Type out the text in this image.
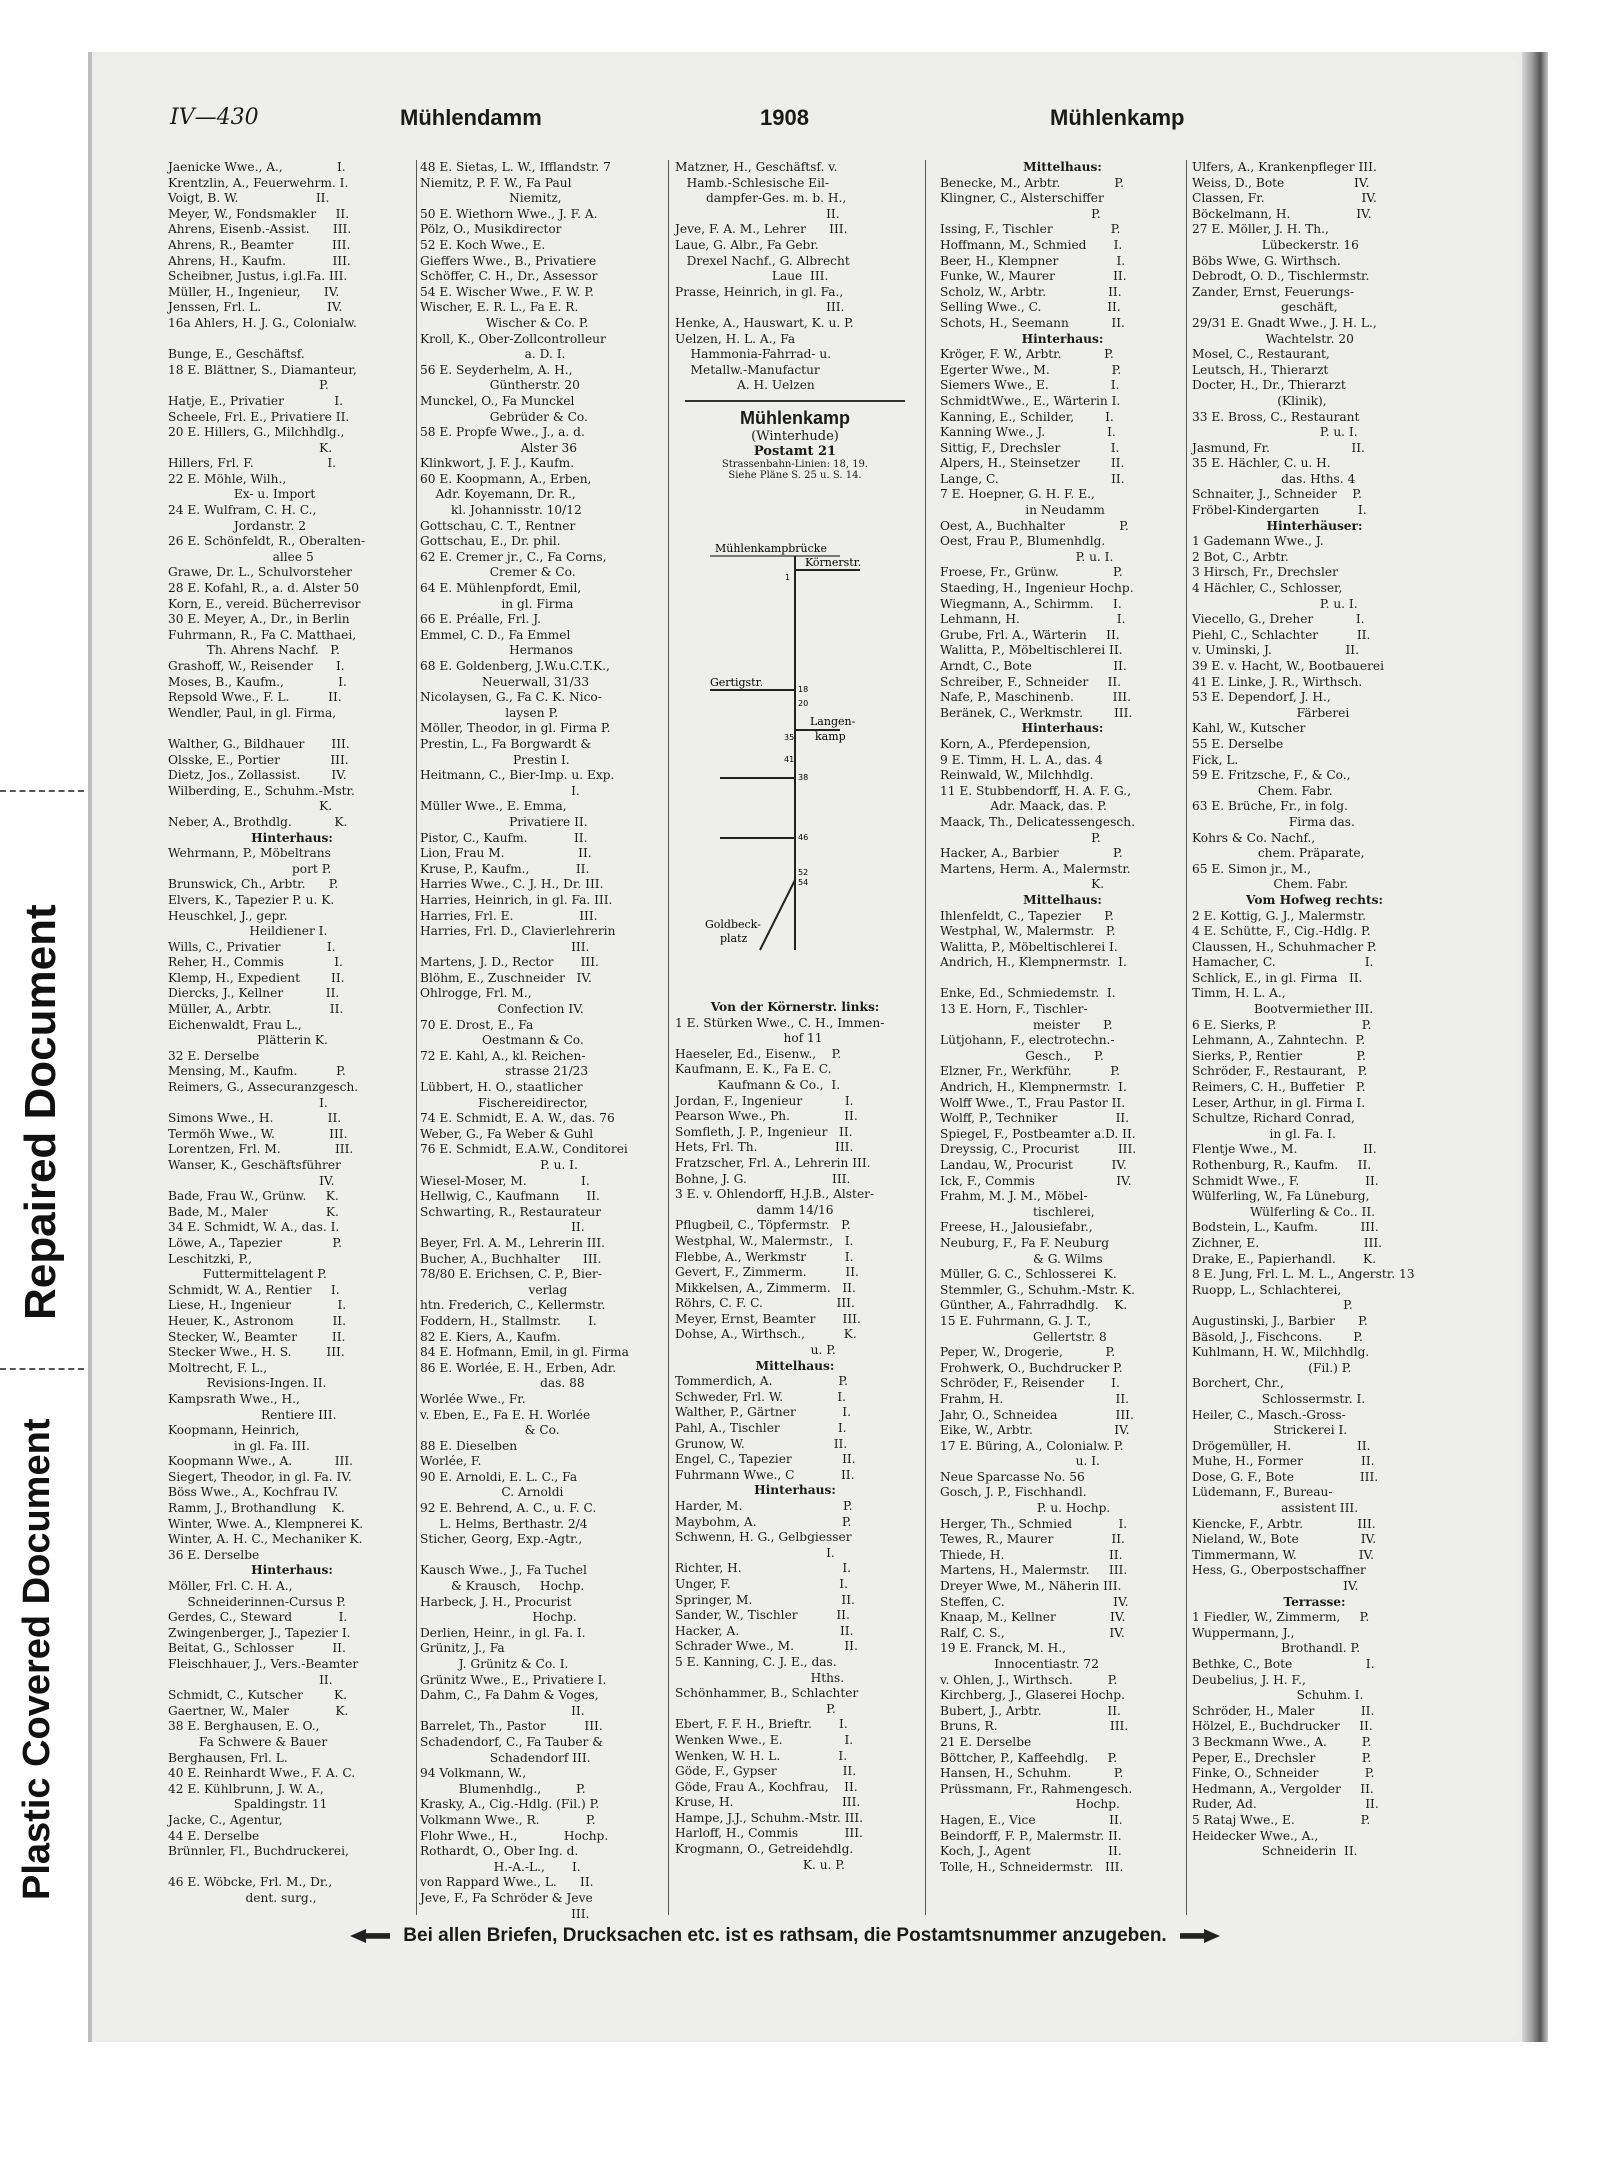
Repaired Document
Plastic Covered Document
IV—430	Mühlendamm	1908	Mühlenkamp
Jaenicke Wwe., A.,              I.
Krentzlin, A., Feuerwehrm. I.
Voigt, B. W.                    II.
Meyer, W., Fondsmakler     II.
Ahrens, Eisenb.-Assist.      III.
Ahrens, R., Beamter          III.
Ahrens, H., Kaufm.            III.
Scheibner, Justus, i.gl.Fa. III.
Müller, H., Ingenieur,      IV.
Jenssen, Frl. L.                 IV.
16a Ahlers, H. J. G., Colonialw.

Bunge, E., Geschäftsf.
18 E. Blättner, S., Diamanteur,
P.
Hatje, E., Privatier             I.
Scheele, Frl. E., Privatiere II.
20 E. Hillers, G., Milchhdlg.,
K.
Hillers, Frl. F.                   I.
22 E. Möhle, Wilh.,
Ex- u. Import
24 E. Wulfram, C. H. C.,
Jordanstr. 2
26 E. Schönfeldt, R., Oberalten-
allee 5
Grawe, Dr. L., Schulvorsteher
28 E. Kofahl, R., a. d. Alster 50
Korn, E., vereid. Bücherrevisor
30 E. Meyer, A., Dr., in Berlin
Fuhrmann, R., Fa C. Matthaei,
Th. Ahrens Nachf.   P.
Grashoff, W., Reisender      I.
Moses, B., Kaufm.,              I.
Repsold Wwe., F. L.          II.
Wendler, Paul, in gl. Firma,

Walther, G., Bildhauer       III.
Olsske, E., Portier             III.
Dietz, Jos., Zollassist.        IV.
Wilberding, E., Schuhm.-Mstr.
K.
Neber, A., Brothdlg.           K.
Hinterhaus:
Wehrmann, P., Möbeltrans
port P.
Brunswick, Ch., Arbtr.      P.
Elvers, K., Tapezier P. u. K.
Heuschkel, J., gepr.
Heildiener I.
Wills, C., Privatier            I.
Reher, H., Commis             I.
Klemp, H., Expedient        II.
Diercks, J., Kellner           II.
Müller, A., Arbtr.               II.
Eichenwaldt, Frau L.,
Plätterin K.
32 E. Derselbe
Mensing, M., Kaufm.          P.
Reimers, G., Assecuranzgesch.
I.
Simons Wwe., H.              II.
Termöh Wwe., W.              III.
Lorentzen, Frl. M.              III.
Wanser, K., Geschäftsführer
IV.
Bade, Frau W., Grünw.     K.
Bade, M., Maler               K.
34 E. Schmidt, W. A., das. I.
Löwe, A., Tapezier             P.
Leschitzki, P.,
Futtermittelagent P.
Schmidt, W. A., Rentier     I.
Liese, H., Ingenieur            I.
Heuer, K., Astronom          II.
Stecker, W., Beamter         II.
Stecker Wwe., H. S.         III.
Moltrecht, F. L.,
Revisions-Ingen. II.
Kampsrath Wwe., H.,
Rentiere III.
Koopmann, Heinrich,
in gl. Fa. III.
Koopmann Wwe., A.           III.
Siegert, Theodor, in gl. Fa. IV.
Böss Wwe., A., Kochfrau IV.
Ramm, J., Brothandlung    K.
Winter, Wwe. A., Klempnerei K.
Winter, A. H. C., Mechaniker K.
36 E. Derselbe
Hinterhaus:
Möller, Frl. C. H. A.,
Schneiderinnen-Cursus P.
Gerdes, C., Steward            I.
Zwingenberger, J., Tapezier I.
Beitat, G., Schlosser          II.
Fleischhauer, J., Vers.-Beamter
II.
Schmidt, C., Kutscher        K.
Gaertner, W., Maler            K.
38 E. Berghausen, E. O.,
Fa Schwere & Bauer
Berghausen, Frl. L.
40 E. Reinhardt Wwe., F. A. C.
42 E. Kühlbrunn, J. W. A.,
Spaldingstr. 11
Jacke, C., Agentur,
44 E. Derselbe
Brünnler, Fl., Buchdruckerei,

46 E. Wöbcke, Frl. M., Dr.,
dent. surg.,
48 E. Sietas, L. W., Ifflandstr. 7
Niemitz, P. F. W., Fa Paul
Niemitz,
50 E. Wiethorn Wwe., J. F. A.
Pölz, O., Musikdirector
52 E. Koch Wwe., E.
Gieffers Wwe., B., Privatiere
Schöffer, C. H., Dr., Assessor
54 E. Wischer Wwe., F. W. P.
Wischer, E. R. L., Fa E. R.
Wischer & Co. P.
Kroll, K., Ober-Zollcontrolleur
a. D. I.
56 E. Seyderhelm, A. H.,
Güntherstr. 20
Munckel, O., Fa Munckel
Gebrüder & Co.
58 E. Propfe Wwe., J., a. d.
Alster 36
Klinkwort, J. F. J., Kaufm.
60 E. Koopmann, A., Erben,
Adr. Koyemann, Dr. R.,
kl. Johannisstr. 10/12
Gottschau, C. T., Rentner
Gottschau, E., Dr. phil.
62 E. Cremer jr., C., Fa Corns,
Cremer & Co.
64 E. Mühlenpfordt, Emil,
in gl. Firma
66 E. Préalle, Frl. J.
Emmel, C. D., Fa Emmel
Hermanos
68 E. Goldenberg, J.W.u.C.T.K.,
Neuerwall, 31/33
Nicolaysen, G., Fa C. K. Nico-
laysen P.
Möller, Theodor, in gl. Firma P.
Prestin, L., Fa Borgwardt &
Prestin I.
Heitmann, C., Bier-Imp. u. Exp.
I.
Müller Wwe., E. Emma,
Privatiere II.
Pistor, C., Kaufm.            II.
Lion, Frau M.                   II.
Kruse, P., Kaufm.,            II.
Harries Wwe., C. J. H., Dr. III.
Harries, Heinrich, in gl. Fa. III.
Harries, Frl. E.                 III.
Harries, Frl. D., Clavierlehrerin
III.
Martens, J. D., Rector       III.
Blöhm, E., Zuschneider   IV.
Ohlrogge, Frl. M.,
Confection IV.
70 E. Drost, E., Fa
Oestmann & Co.
72 E. Kahl, A., kl. Reichen-
strasse 21/23
Lübbert, H. O., staatlicher
Fischereidirector,
74 E. Schmidt, E. A. W., das. 76
Weber, G., Fa Weber & Guhl
76 E. Schmidt, E.A.W., Conditorei
P. u. I.
Wiesel-Moser, M.              I.
Hellwig, C., Kaufmann       II.
Schwarting, R., Restaurateur
II.
Beyer, Frl. A. M., Lehrerin III.
Bucher, A., Buchhalter      III.
78/80 E. Erichsen, C. P., Bier-
verlag
htn. Frederich, C., Kellermstr.
Foddern, H., Stallmstr.       I.
82 E. Kiers, A., Kaufm.
84 E. Hofmann, Emil, in gl. Firma
86 E. Worlée, E. H., Erben, Adr.
das. 88
Worlée Wwe., Fr.
v. Eben, E., Fa E. H. Worlée
& Co.
88 E. Dieselben
Worlée, F.
90 E. Arnoldi, E. L. C., Fa
C. Arnoldi
92 E. Behrend, A. C., u. F. C.
L. Helms, Berthastr. 2/4
Sticher, Georg, Exp.-Agtr.,

Kausch Wwe., J., Fa Tuchel
& Krausch,     Hochp.
Harbeck, J. H., Procurist
Hochp.
Derlien, Heinr., in gl. Fa. I.
Grünitz, J., Fa
J. Grünitz & Co. I.
Grünitz Wwe., E., Privatiere I.
Dahm, C., Fa Dahm & Voges,
II.
Barrelet, Th., Pastor          III.
Schadendorf, C., Fa Tauber &
Schadendorf III.
94 Volkmann, W.,
Blumenhdlg.,         P.
Krasky, A., Cig.-Hdlg. (Fil.) P.
Volkmann Wwe., R.            P.
Flohr Wwe., H.,            Hochp.
Rothardt, O., Ober Ing. d.
H.-A.-L.,       I.
von Rappard Wwe., L.      II.
Jeve, F., Fa Schröder & Jeve
III.
Matzner, H., Geschäftsf. v.
Hamb.-Schlesische Eil-
dampfer-Ges. m. b. H.,
II.
Jeve, F. A. M., Lehrer      III.
Laue, G. Albr., Fa Gebr.
Drexel Nachf., G. Albrecht
Laue  III.
Prasse, Heinrich, in gl. Fa.,
III.
Henke, A., Hauswart, K. u. P.
Uelzen, H. L. A., Fa
Hammonia-Fahrrad- u.
Metallw.-Manufactur
A. H. Uelzen
Mühlenkamp
(Winterhude)
Postamt 21
Strassenbahn-Linien: 18, 19.
Siehe Pläne S. 25 u. S. 14.
Mühlenkampbrücke
Körnerstr.
Gertigstr.
Langen-
kamp
Goldbeck-
platz
1
18
20
35
41
38
46
54
52
Von der Körnerstr. links:
1 E. Stürken Wwe., C. H., Immen-
hof 11
Haeseler, Ed., Eisenw.,    P.
Kaufmann, E. K., Fa E. C.
Kaufmann & Co.,  I.
Jordan, F., Ingenieur           I.
Pearson Wwe., Ph.              II.
Somfleth, J. P., Ingenieur   II.
Hets, Frl. Th.                    III.
Fratzscher, Frl. A., Lehrerin III.
Bohne, J. G.                      III.
3 E. v. Ohlendorff, H.J.B., Alster-
damm 14/16
Pflugbeil, C., Töpfermstr.   P.
Westphal, W., Malermstr.,   I.
Flebbe, A., Werkmstr          I.
Gevert, F., Zimmerm.          II.
Mikkelsen, A., Zimmerm.   II.
Röhrs, C. F. C.                   III.
Meyer, Ernst, Beamter       III.
Dohse, A., Wirthsch.,          K.
u. P.
Mittelhaus:
Tommerdich, A.                 P.
Schweder, Frl. W.              I.
Walther, P., Gärtner            I.
Pahl, A., Tischler               I.
Grunow, W.                       II.
Engel, C., Tapezier             II.
Fuhrmann Wwe., C            II.
Hinterhaus:
Harder, M.                          P.
Maybohm, A.                      P.
Schwenn, H. G., Gelbgiesser
I.
Richter, H.                          I.
Unger, F.                            I.
Springer, M.                       II.
Sander, W., Tischler          II.
Hacker, A.                          II.
Schrader Wwe., M.             II.
5 E. Kanning, C. J. E., das.
Hths.
Schönhammer, B., Schlachter
P.
Ebert, F. F. H., Brieftr.       I.
Wenken Wwe., E.                I.
Wenken, W. H. L.               I.
Göde, F., Gypser                 II.
Göde, Frau A., Kochfrau,    II.
Kruse, H.                            III.
Hampe, J.J., Schuhm.-Mstr. III.
Harloff, H., Commis            III.
Krogmann, O., Getreidehdlg.
K. u. P.
Mittelhaus:
Benecke, M., Arbtr.              P.
Klingner, C., Alsterschiffer
P.
Issing, F., Tischler               P.
Hoffmann, M., Schmied       I.
Beer, H., Klempner               I.
Funke, W., Maurer               II.
Scholz, W., Arbtr.                II.
Selling Wwe., C.                 II.
Schots, H., Seemann           II.
Hinterhaus:
Kröger, F. W., Arbtr.           P.
Egerter Wwe., M.                P.
Siemers Wwe., E.                I.
SchmidtWwe., E., Wärterin I.
Kanning, E., Schilder,        I.
Kanning Wwe., J.                I.
Sittig, F., Drechsler             I.
Alpers, H., Steinsetzer        II.
Lange, C.                             II.
7 E. Hoepner, G. H. F. E.,
in Neudamm
Oest, A., Buchhalter              P.
Oest, Frau P., Blumenhdlg.
P. u. I.
Froese, Fr., Grünw.              P.
Staeding, H., Ingenieur Hochp.
Wiegmann, A., Schirmm.     I.
Lehmann, H.                         I.
Grube, Frl. A., Wärterin     II.
Walitta, P., Möbeltischlerei II.
Arndt, C., Bote                     II.
Schreiber, F., Schneider     II.
Nafe, P., Maschinenb.          III.
Beränek, C., Werkmstr.        III.
Hinterhaus:
Korn, A., Pferdepension,
9 E. Timm, H. L. A., das. 4
Reinwald, W., Milchhdlg.
11 E. Stubbendorff, H. A. F. G.,
Adr. Maack, das. P.
Maack, Th., Delicatessengesch.
P.
Hacker, A., Barbier              P.
Martens, Herm. A., Malermstr.
K.
Mittelhaus:
Ihlenfeldt, C., Tapezier      P.
Westphal, W., Malermstr.   P.
Walitta, P., Möbeltischlerei I.
Andrich, H., Klempnermstr.  I.

Enke, Ed., Schmiedemstr.  I.
13 E. Horn, F., Tischler-
meister      P.
Lütjohann, F., electrotechn.-
Gesch.,      P.
Elzner, Fr., Werkführ.          P.
Andrich, H., Klempnermstr.  I.
Wolff Wwe., T., Frau Pastor II.
Wolff, P., Techniker               II.
Spiegel, F., Postbeamter a.D. II.
Dreyssig, C., Procurist          III.
Landau, W., Procurist          IV.
Ick, F., Commis                     IV.
Frahm, M. J. M., Möbel-
tischlerei,
Freese, H., Jalousiefabr.,
Neuburg, F., Fa F. Neuburg
& G. Wilms
Müller, G. C., Schlosserei  K.
Stemmler, G., Schuhm.-Mstr. K.
Günther, A., Fahrradhdlg.    K.
15 E. Fuhrmann, G. J. T.,
Gellertstr. 8
Peper, W., Drogerie,           P.
Frohwerk, O., Buchdrucker P.
Schröder, F., Reisender       I.
Frahm, H.                             II.
Jahr, O., Schneidea               III.
Eike, W., Arbtr.                     IV.
17 E. Büring, A., Colonialw. P.
u. I.
Neue Sparcasse No. 56
Gosch, J. P., Fischhandl.
P. u. Hochp.
Herger, Th., Schmied            I.
Tewes, R., Maurer               II.
Thiede, H.                           II.
Martens, H., Malermstr.     III.
Dreyer Wwe, M., Näherin III.
Steffen, C.                            IV.
Knaap, M., Kellner              IV.
Ralf, C. S.,                           IV.
19 E. Franck, M. H.,
Innocentiastr. 72
v. Ohlen, J., Wirthsch.         P.
Kirchberg, J., Glaserei Hochp.
Bubert, J., Arbtr.                 II.
Bruns, R.                             III.
21 E. Derselbe
Böttcher, P., Kaffeehdlg.     P.
Hansen, H., Schuhm.           P.
Prüssmann, Fr., Rahmengesch.
Hochp.
Hagen, E., Vice                   II.
Beindorff, F. P., Malermstr. II.
Koch, J., Agent                    II.
Tolle, H., Schneidermstr.   III.
Ulfers, A., Krankenpfleger III.
Weiss, D., Bote                  IV.
Classen, Fr.                         IV.
Böckelmann, H.                 IV.
27 E. Möller, J. H. Th.,
Lübeckerstr. 16
Böbs Wwe, G. Wirthsch.
Debrodt, O. D., Tischlermstr.
Zander, Ernst, Feuerungs-
geschäft,
29/31 E. Gnadt Wwe., J. H. L.,
Wachtelstr. 20
Mosel, C., Restaurant,
Leutsch, H., Thierarzt
Docter, H., Dr., Thierarzt
(Klinik),
33 E. Bross, C., Restaurant
P. u. I.
Jasmund, Fr.                     II.
35 E. Hächler, C. u. H.
das. Hths. 4
Schnaiter, J., Schneider    P.
Fröbel-Kindergarten          I.
Hinterhäuser:
1 Gademann Wwe., J.
2 Bot, C., Arbtr.
3 Hirsch, Fr., Drechsler
4 Hächler, C., Schlosser,
P. u. I.
Viecello, G., Dreher           I.
Piehl, C., Schlachter          II.
v. Uminski, J.                   II.
39 E. v. Hacht, W., Bootbauerei
41 E. Linke, J. R., Wirthsch.
53 E. Dependorf, J. H.,
Färberei
Kahl, W., Kutscher
55 E. Derselbe
Fick, L.
59 E. Fritzsche, F., & Co.,
Chem. Fabr.
63 E. Brüche, Fr., in folg.
Firma das.
Kohrs & Co. Nachf.,
chem. Präparate,
65 E. Simon jr., M.,
Chem. Fabr.
Vom Hofweg rechts:
2 E. Kottig, G. J., Malermstr.
4 E. Schütte, F., Cig.-Hdlg. P.
Claussen, H., Schuhmacher P.
Hamacher, C.                       I.
Schlick, E., in gl. Firma   II.
Timm, H. L. A.,
Bootvermiether III.
6 E. Sierks, P.                      P.
Lehmann, A., Zahntechn.  P.
Sierks, P., Rentier              P.
Schröder, F., Restaurant,   P.
Reimers, C. H., Buffetier   P.
Leser, Arthur, in gl. Firma I.
Schultze, Richard Conrad,
in gl. Fa. I.
Flentje Wwe., M.                 II.
Rothenburg, R., Kaufm.     II.
Schmidt Wwe., F.                 II.
Wülferling, W., Fa Lüneburg,
Wülferling & Co.. II.
Bodstein, L., Kaufm.           III.
Zichner, E.                           III.
Drake, E., Papierhandl.       K.
8 E. Jung, Frl. L. M. L., Angerstr. 13
Ruopp, L., Schlachterei,
P.
Augustinski, J., Barbier      P.
Bäsold, J., Fischcons.        P.
Kuhlmann, H. W., Milchhdlg.
(Fil.) P.
Borchert, Chr.,
Schlossermstr. I.
Heiler, C., Masch.-Gross-
Strickerei I.
Drögemüller, H.                 II.
Muhe, H., Former               II.
Dose, G. F., Bote                 III.
Lüdemann, F., Bureau-
assistent III.
Kiencke, F., Arbtr.              III.
Nieland, W., Bote                IV.
Timmermann, W.                IV.
Hess, G., Oberpostschaffner
IV.
Terrasse:
1 Fiedler, W., Zimmerm,     P.
Wuppermann, J.,
Brothandl. P.
Bethke, C., Bote                   I.
Deubelius, J. H. F.,
Schuhm. I.
Schröder, H., Maler            II.
Hölzel, E., Buchdrucker     II.
3 Beckmann Wwe., A.         P.
Peper, E., Drechsler            P.
Finke, O., Schneider            P.
Hedmann, A., Vergolder     II.
Ruder, Ad.                            II.
5 Rataj Wwe., E.                 P.
Heidecker Wwe., A.,
Schneiderin  II.
Bei allen Briefen, Drucksachen etc. ist es rathsam, die Postamtsnummer anzugeben.
